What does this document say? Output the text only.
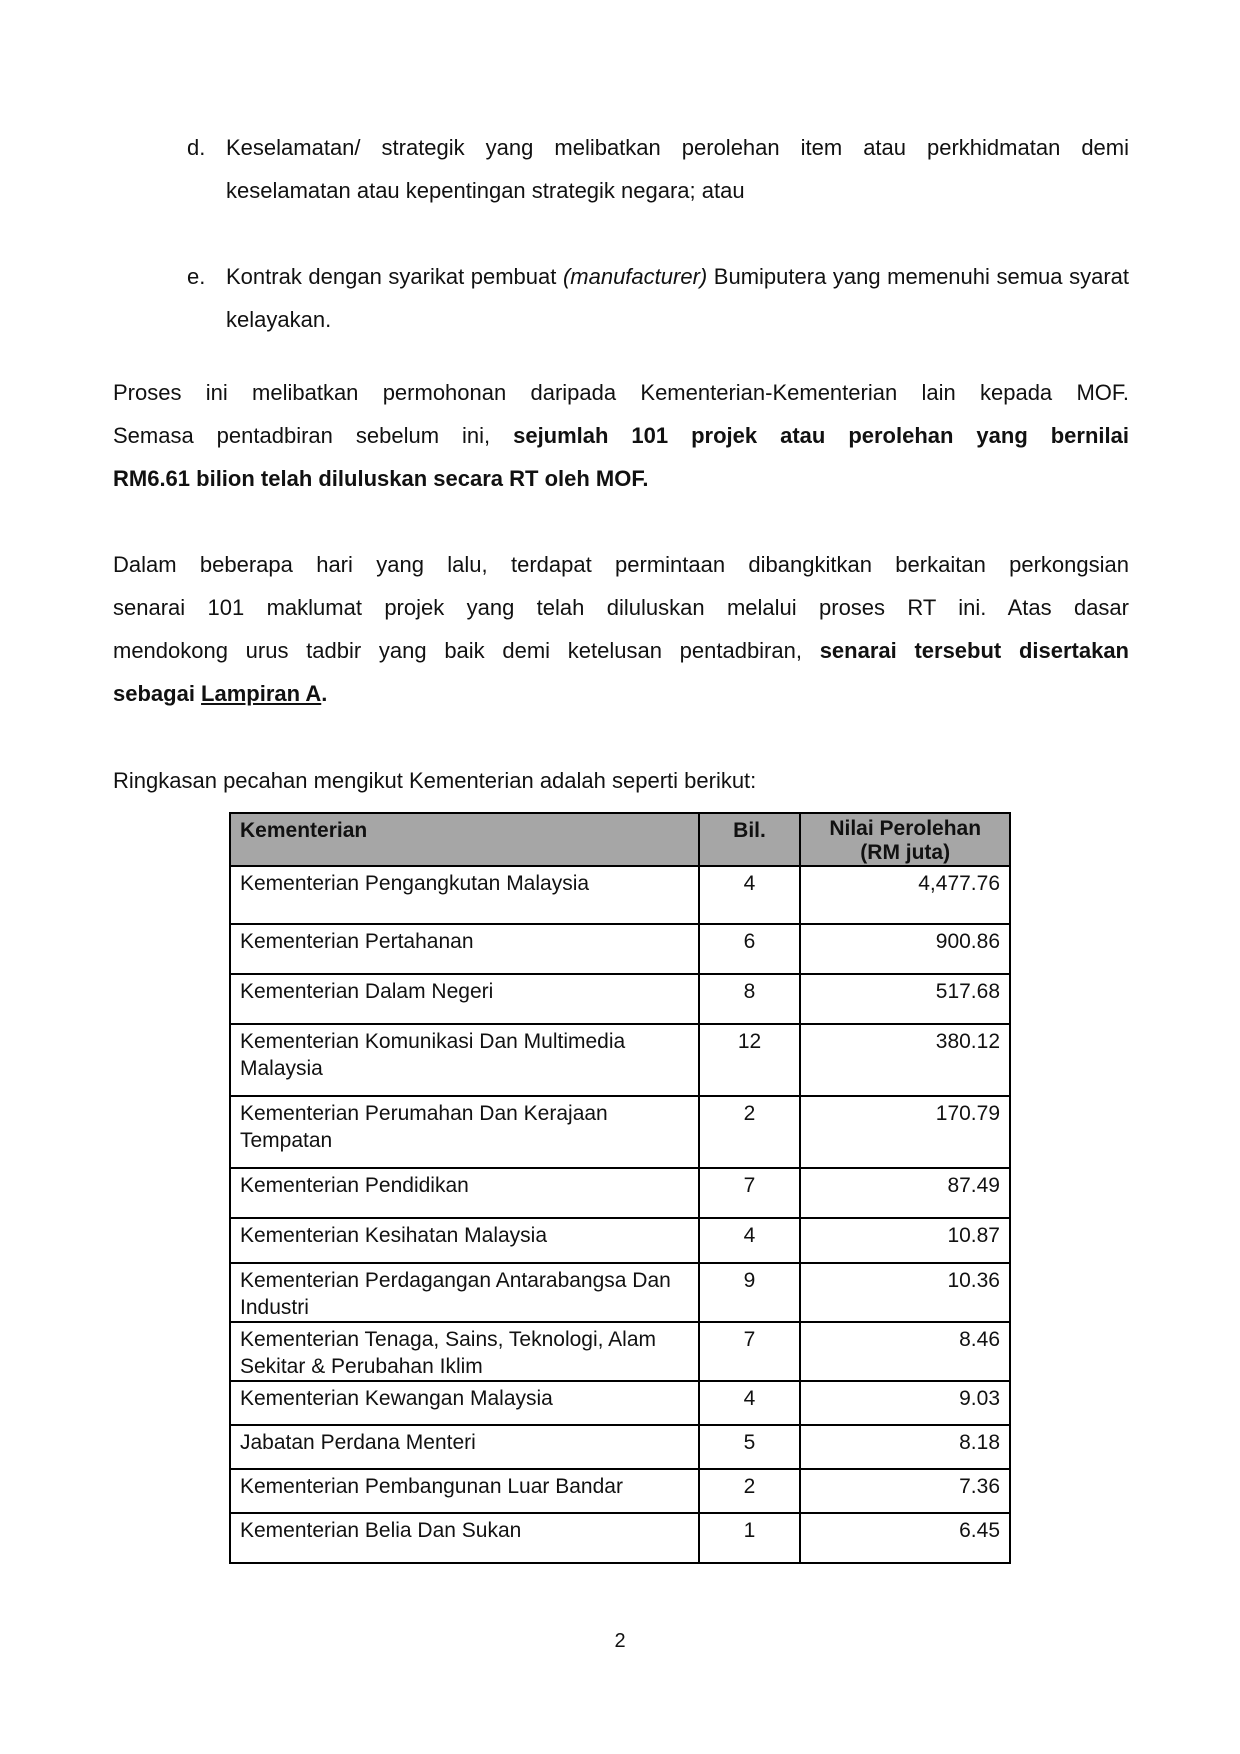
d. Keselamatan/ strategik yang melibatkan perolehan item atau perkhidmatan demi keselamatan atau kepentingan strategik negara; atau
e. Kontrak dengan syarikat pembuat (manufacturer) Bumiputera yang memenuhi semua syarat kelayakan.
Proses ini melibatkan permohonan daripada Kementerian-Kementerian lain kepada MOF.
Semasa pentadbiran sebelum ini, sejumlah 101 projek atau perolehan yang bernilai
RM6.61 bilion telah diluluskan secara RT oleh MOF.
Dalam beberapa hari yang lalu, terdapat permintaan dibangkitkan berkaitan perkongsian
senarai 101 maklumat projek yang telah diluluskan melalui proses RT ini. Atas dasar
mendokong urus tadbir yang baik demi ketelusan pentadbiran, senarai tersebut disertakan
sebagai Lampiran A.
Ringkasan pecahan mengikut Kementerian adalah seperti berikut:
Kementerian	Bil.	Nilai Perolehan (RM juta)
Kementerian Pengangkutan Malaysia	4	4,477.76
Kementerian Pertahanan	6	900.86
Kementerian Dalam Negeri	8	517.68
Kementerian Komunikasi Dan Multimedia Malaysia	12	380.12
Kementerian Perumahan Dan Kerajaan Tempatan	2	170.79
Kementerian Pendidikan	7	87.49
Kementerian Kesihatan Malaysia	4	10.87
Kementerian Perdagangan Antarabangsa Dan Industri	9	10.36
Kementerian Tenaga, Sains, Teknologi, Alam Sekitar & Perubahan Iklim	7	8.46
Kementerian Kewangan Malaysia	4	9.03
Jabatan Perdana Menteri	5	8.18
Kementerian Pembangunan Luar Bandar	2	7.36
Kementerian Belia Dan Sukan	1	6.45
2
